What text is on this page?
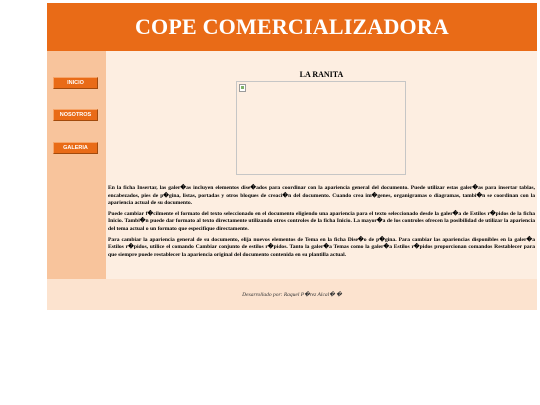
COPE COMERCIALIZADORA
INICIO
NOSOTROS
GALERIA
LA RANITA

En la ficha Insertar, las galer�as incluyen elementos dise�ados para coordinar con la apariencia general del documento. Puede utilizar estas galer�as para insertar tablas, encabezados, pies de p�gina, listas, portadas y otros bloques de creaci�n del documento. Cuando crea im�genes, organigramas o diagramas, tambi�n se coordinan con la apariencia actual de su documento.

Puede cambiar f�cilmente el formato del texto seleccionado en el documento eligiendo una apariencia para el texto seleccionado desde la galer�a de Estilos r�pidos de la ficha Inicio. Tambi�n puede dar formato al texto directamente utilizando otros controles de la ficha Inicio. La mayor�a de los controles ofrecen la posibilidad de utilizar la apariencia del tema actual o un formato que especifique directamente.

Para cambiar la apariencia general de su documento, elija nuevos elementos de Tema en la ficha Dise�o de p�gina. Para cambiar las apariencias disponibles en la galer�a Estilos r�pidos, utilice el comando Cambiar conjunto de estilos r�pidos. Tanto la galer�a Temas como la galer�a Estilos r�pidos proporcionan comandos Restablecer para que siempre puede restablecer la apariencia original del documento contenida en su plantilla actual.

Desarrollado por: Raquel P�rez Alcal� �
